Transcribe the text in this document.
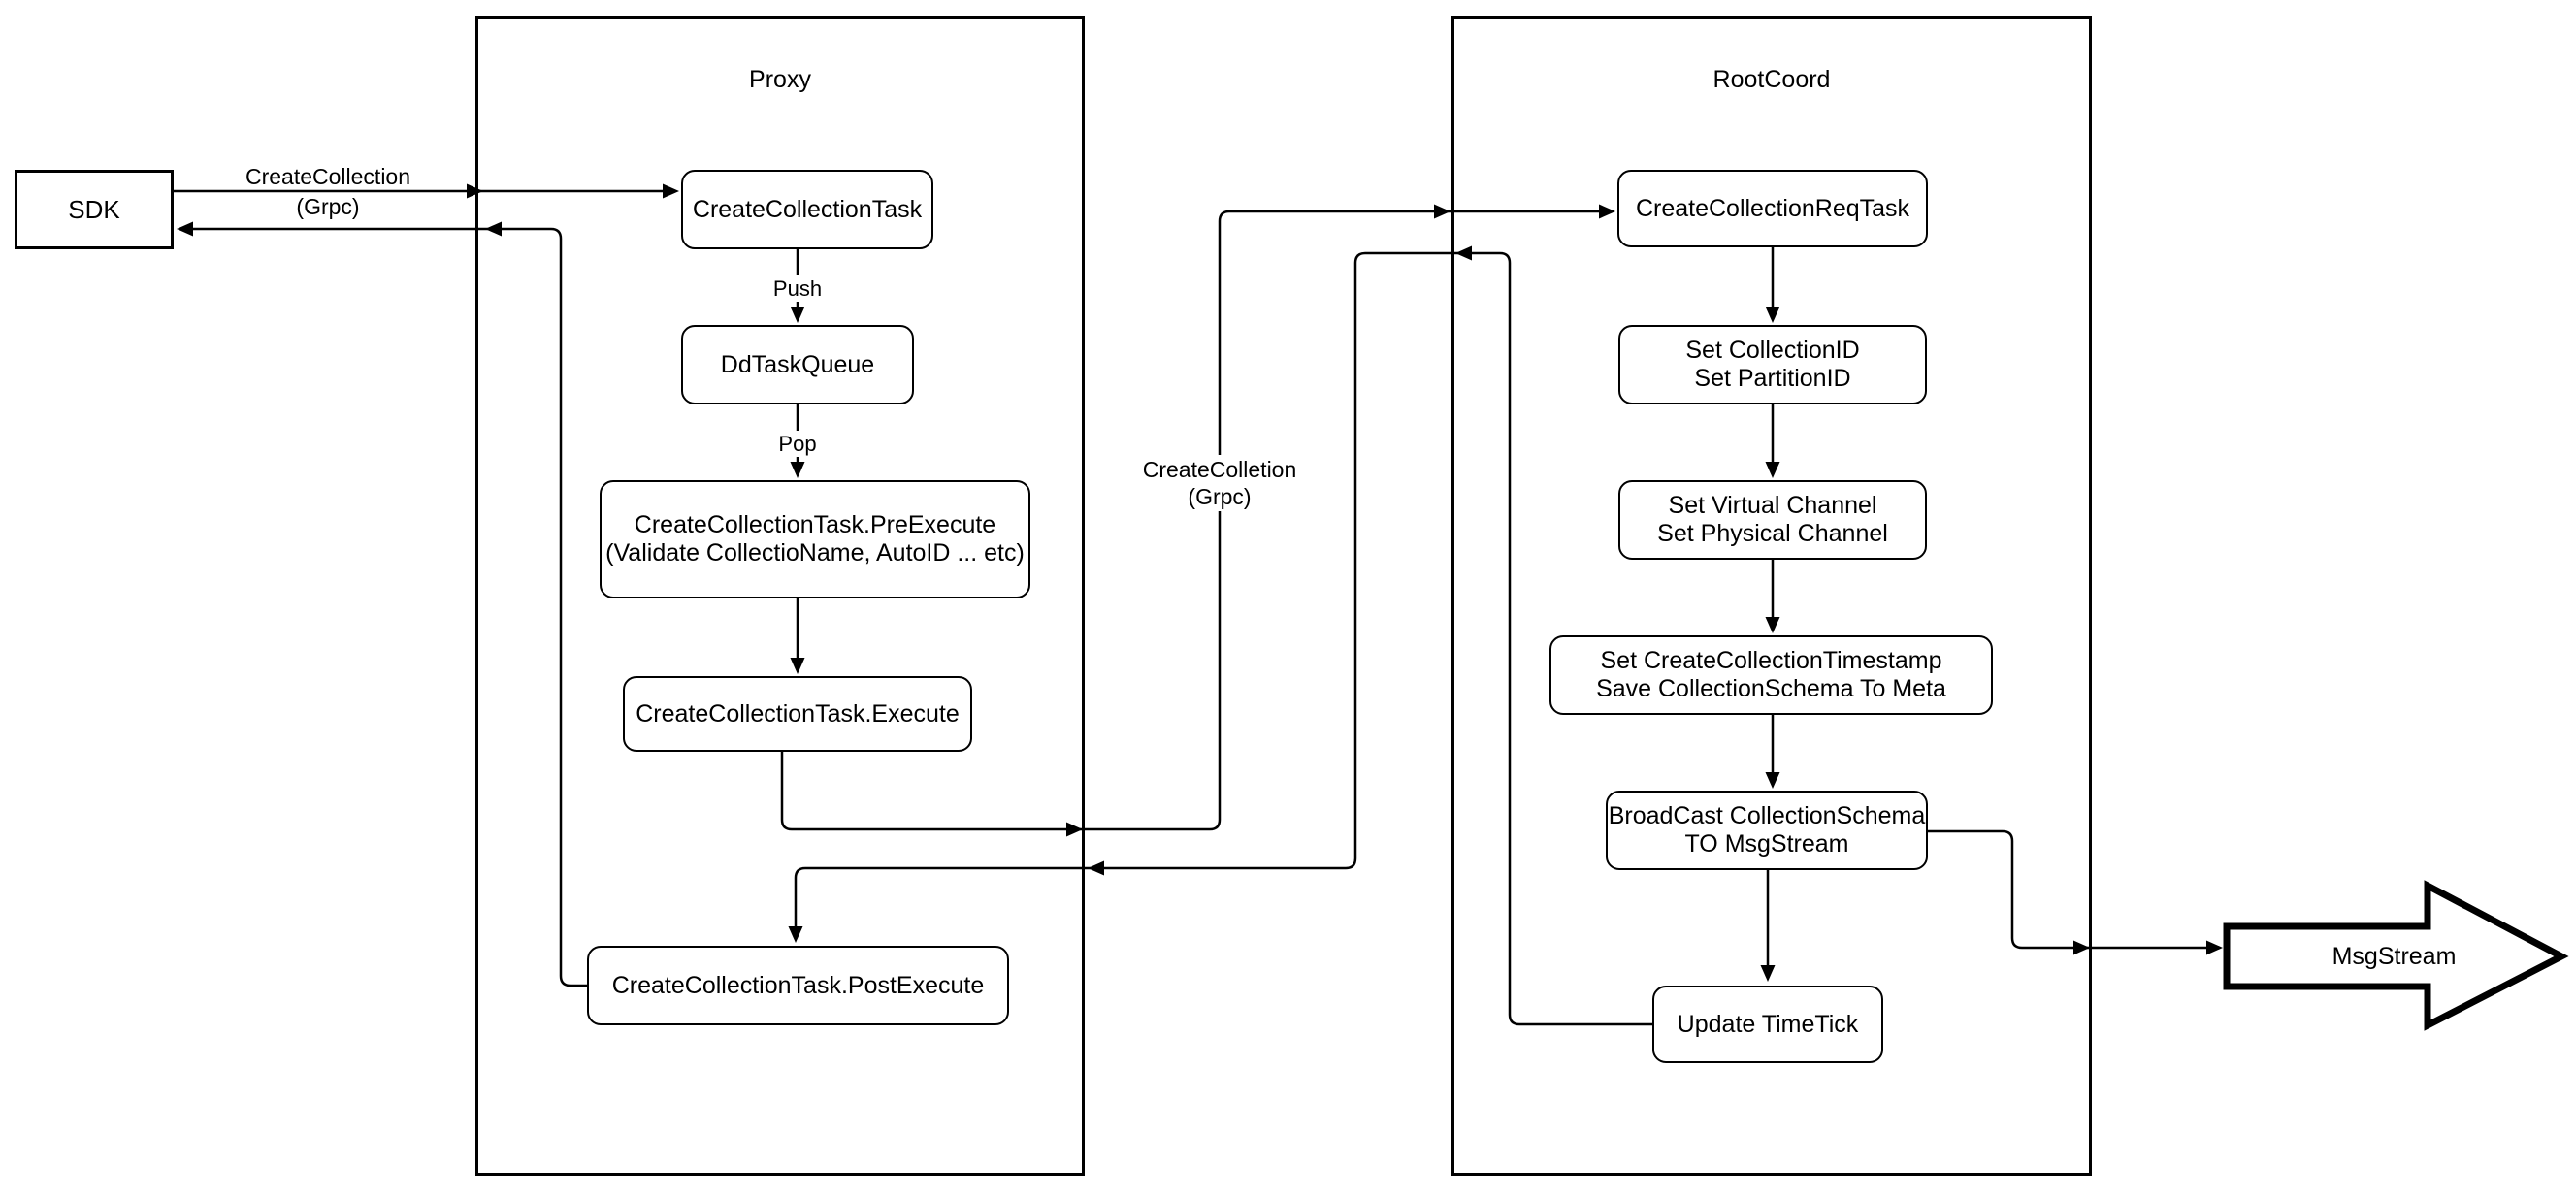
Proxy	RootCoord
SDK	CreateCollectionTask
DdTaskQueue
CreateCollectionTask.PreExecute
(Validate CollectioName, AutoID ... etc)
CreateCollectionTask.Execute
CreateCollectionTask.PostExecute
CreateCollectionReqTask
Set CollectionID
Set PartitionID
Set Virtual Channel
Set Physical Channel
Set CreateCollectionTimestamp
Save CollectionSchema To Meta
BroadCast CollectionSchema
TO MsgStream
Update TimeTick
CreateCollection
(Grpc)
CreateColletion
(Grpc)
Push
Pop
MsgStream
